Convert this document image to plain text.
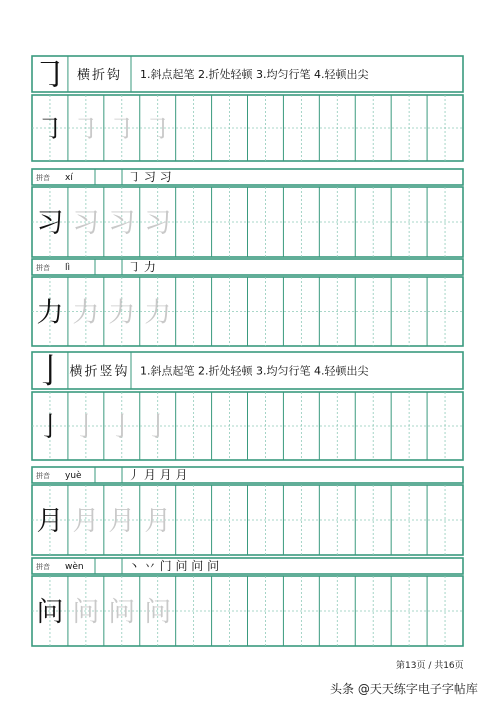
㇆ 横折钩 1.斜点起笔 2.折处轻顿 3.均匀行笔 4.轻顿出尖
㇆ ㇆ ㇆ ㇆
拼音 xí	㇆ 习 习
习 习 习 习
拼音 lì	㇆ 力
力 力 力 力
亅 横折竖钩 1.斜点起笔 2.折处轻顿 3.均匀行笔 4.轻顿出尖
亅 亅 亅 亅
拼音 yuè	丿 月 月 月
月 月 月 月
拼音 wèn	丶 丷 门 问 问 问
问 问 问 问
第13页 / 共16页
头条 @天天练字电子字帖库
